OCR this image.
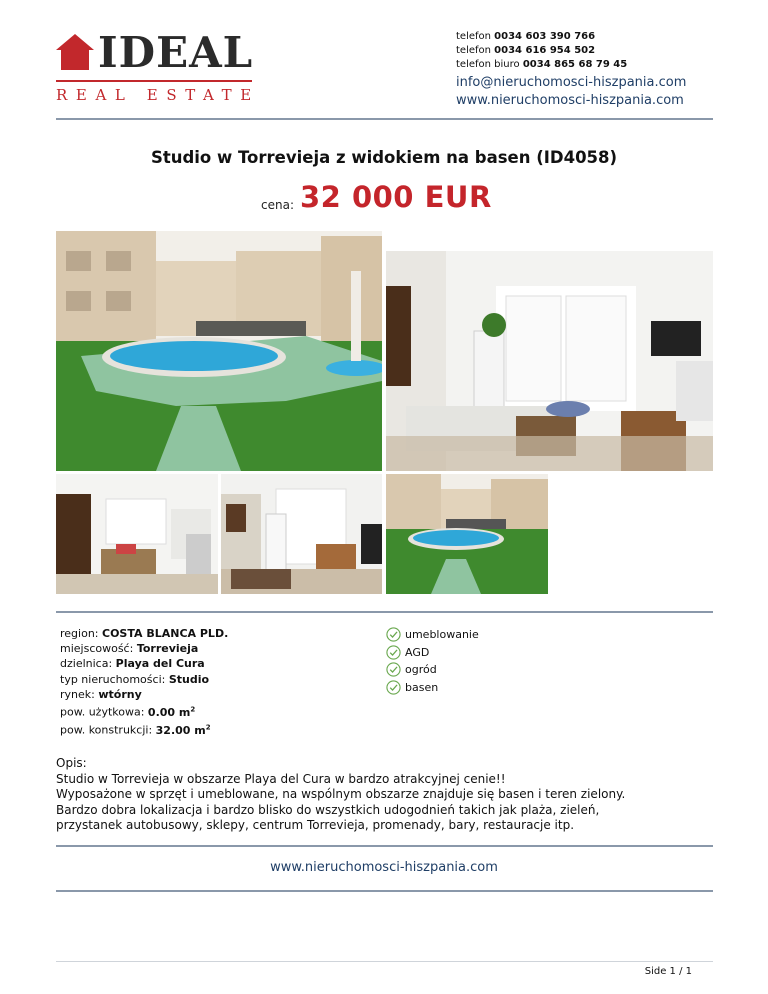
IDEAL
REAL ESTATE
telefon 0034 603 390 766
telefon 0034 616 954 502
telefon biuro 0034 865 68 79 45
info@nieruchomosci-hiszpania.com
www.nieruchomosci-hiszpania.com
Studio w Torrevieja z widokiem na basen (ID4058)
cena: 32 000 EUR
region: COSTA BLANCA PLD.
miejscowość: Torrevieja
dzielnica: Playa del Cura
typ nieruchomości: Studio
rynek: wtórny
pow. użytkowa: 0.00 $m^2$
pow. konstrukcji: 32.00 $m^2$
umeblowanie
AGD
ogród
basen
Opis:
Studio w Torrevieja w obszarze Playa del Cura w bardzo atrakcyjnej cenie!!
Wyposażone w sprzęt i umeblowane, na wspólnym obszarze znajduje się basen i teren zielony.
Bardzo dobra lokalizacja i bardzo blisko do wszystkich udogodnień takich jak plaża, zieleń,
przystanek autobusowy, sklepy, centrum Torrevieja, promenady, bary, restauracje itp.
www.nieruchomosci-hiszpania.com
Side 1 / 1
